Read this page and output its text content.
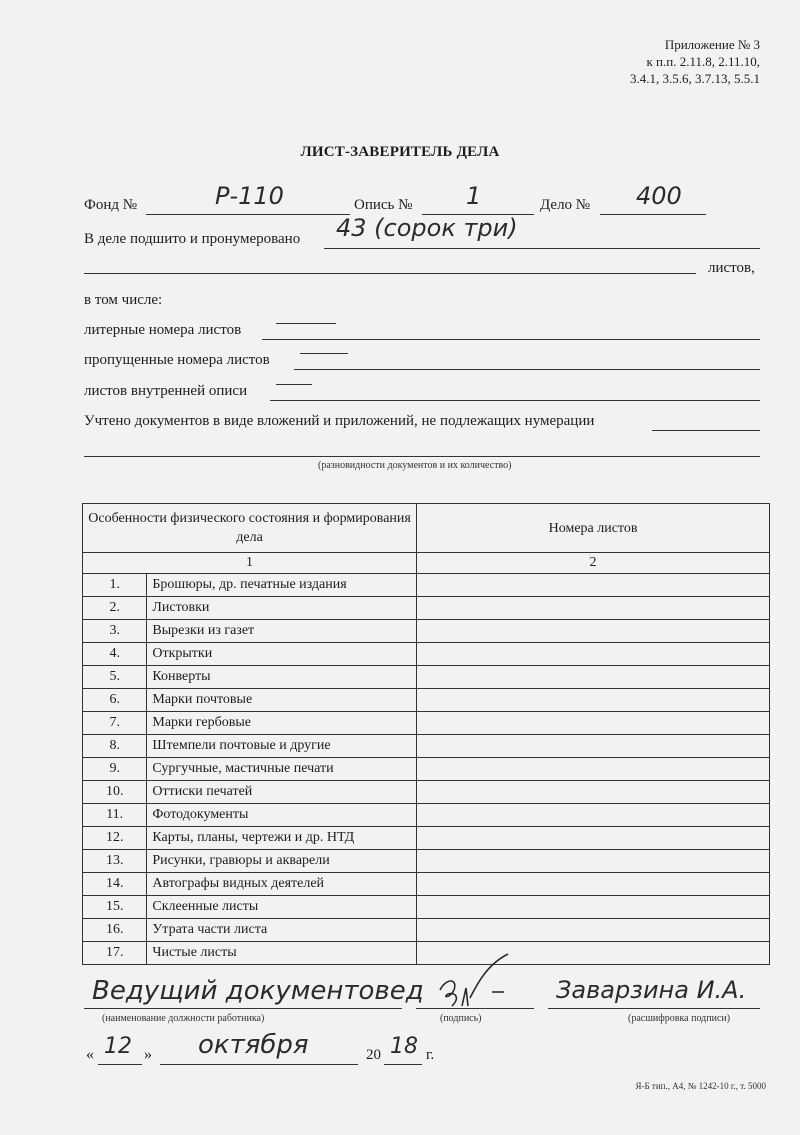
Приложение № 3
к п.п. 2.11.8, 2.11.10,
3.4.1, 3.5.6, 3.7.13, 5.5.1
ЛИСТ-ЗАВЕРИТЕЛЬ ДЕЛА
Фонд №	Р-110	Опись № 1	Дело № 400
В деле подшито и пронумеровано 43 (сорок три)
листов,
в том числе:
литерные номера листов
пропущенные номера листов
листов внутренней описи
Учтено документов в виде вложений и приложений, не подлежащих нумерации
(разновидности документов и их количество)
Особенности физического состояния и формирования дела		Номера листов
1		2
1.	Брошюры, др. печатные издания	
2.	Листовки	
3.	Вырезки из газет	
4.	Открытки	
5.	Конверты	
6.	Марки почтовые	
7.	Марки гербовые	
8.	Штемпели почтовые и другие	
9.	Сургучные, мастичные печати	
10.	Оттиски печатей	
11.	Фотодокументы	
12.	Карты, планы, чертежи и др. НТД	
13.	Рисунки, гравюры и акварели	
14.	Автографы видных деятелей	
15.	Склеенные листы	
16.	Утрата части листа	
17.	Чистые листы	
Ведущий документовед
(наименование должности работника)	(подпись)
Заварзина И.А.
(расшифровка подписи)
« 12 » октября	20 18 г.
Я-Б тип., А4, № 1242-10 г., т. 5000
